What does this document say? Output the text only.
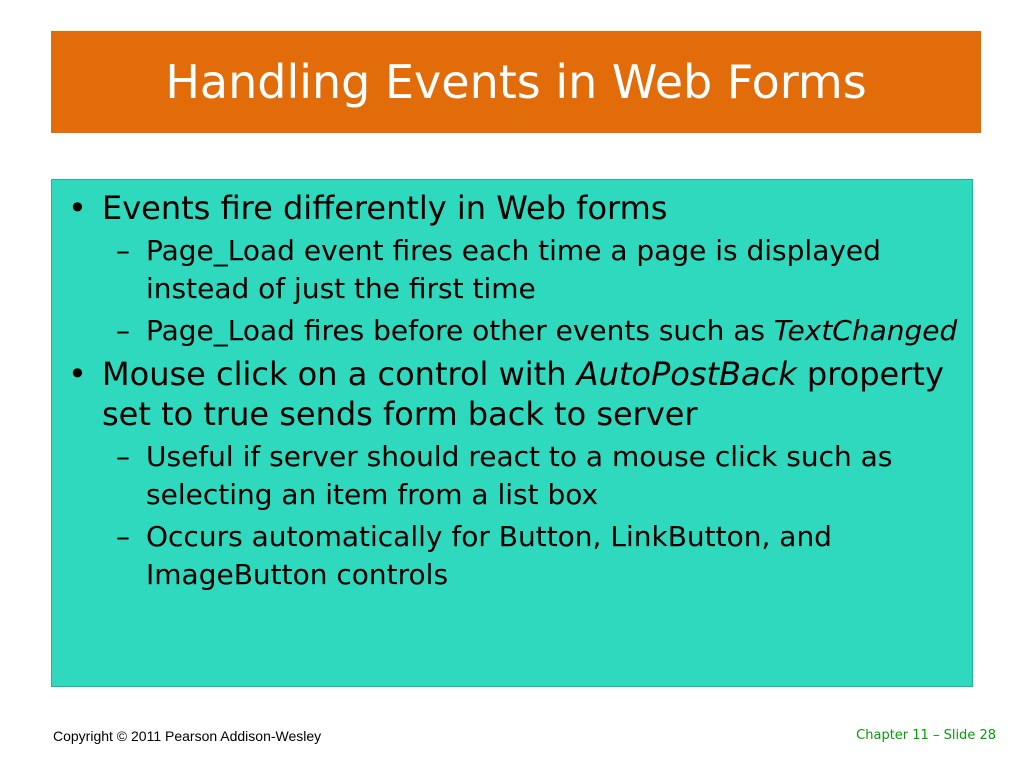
Handling Events in Web Forms
• Events fire differently in Web forms
– Page_Load event fires each time a page is displayed instead of just the first time
– Page_Load fires before other events such as TextChanged
• Mouse click on a control with AutoPostBack property set to true sends form back to server
– Useful if server should react to a mouse click such as selecting an item from a list box
– Occurs automatically for Button, LinkButton, and ImageButton controls
Copyright © 2011 Pearson Addison-Wesley	Chapter 11 – Slide 28
